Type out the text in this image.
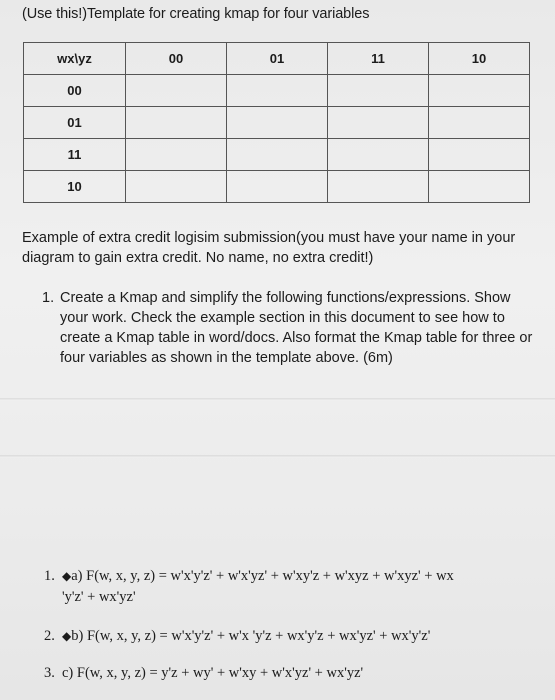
(Use this!)Template for creating kmap for four variables
wx\yz	00	01	11	10
00				
01				
11				
10				
Example of extra credit logisim submission(you must have your name in your diagram to gain extra credit. No name, no extra credit!)
1. Create a Kmap and simplify the following functions/expressions. Show your work. Check the example section in this document to see how to create a Kmap table in word/docs. Also format the Kmap table for three or four variables as shown in the template above. (6m)
1. ◆a) F(w, x, y, z) = w'x'y'z' + w'x'yz' + w'xy'z + w'xyz + w'xyz' + wx
'y'z' + wx'yz'
2. ◆b) F(w, x, y, z) = w'x'y'z' + w'x 'y'z + wx'y'z + wx'yz' + wx'y'z'
3. c) F(w, x, y, z) = y'z + wy' + w'xy + w'x'yz' + wx'yz'
